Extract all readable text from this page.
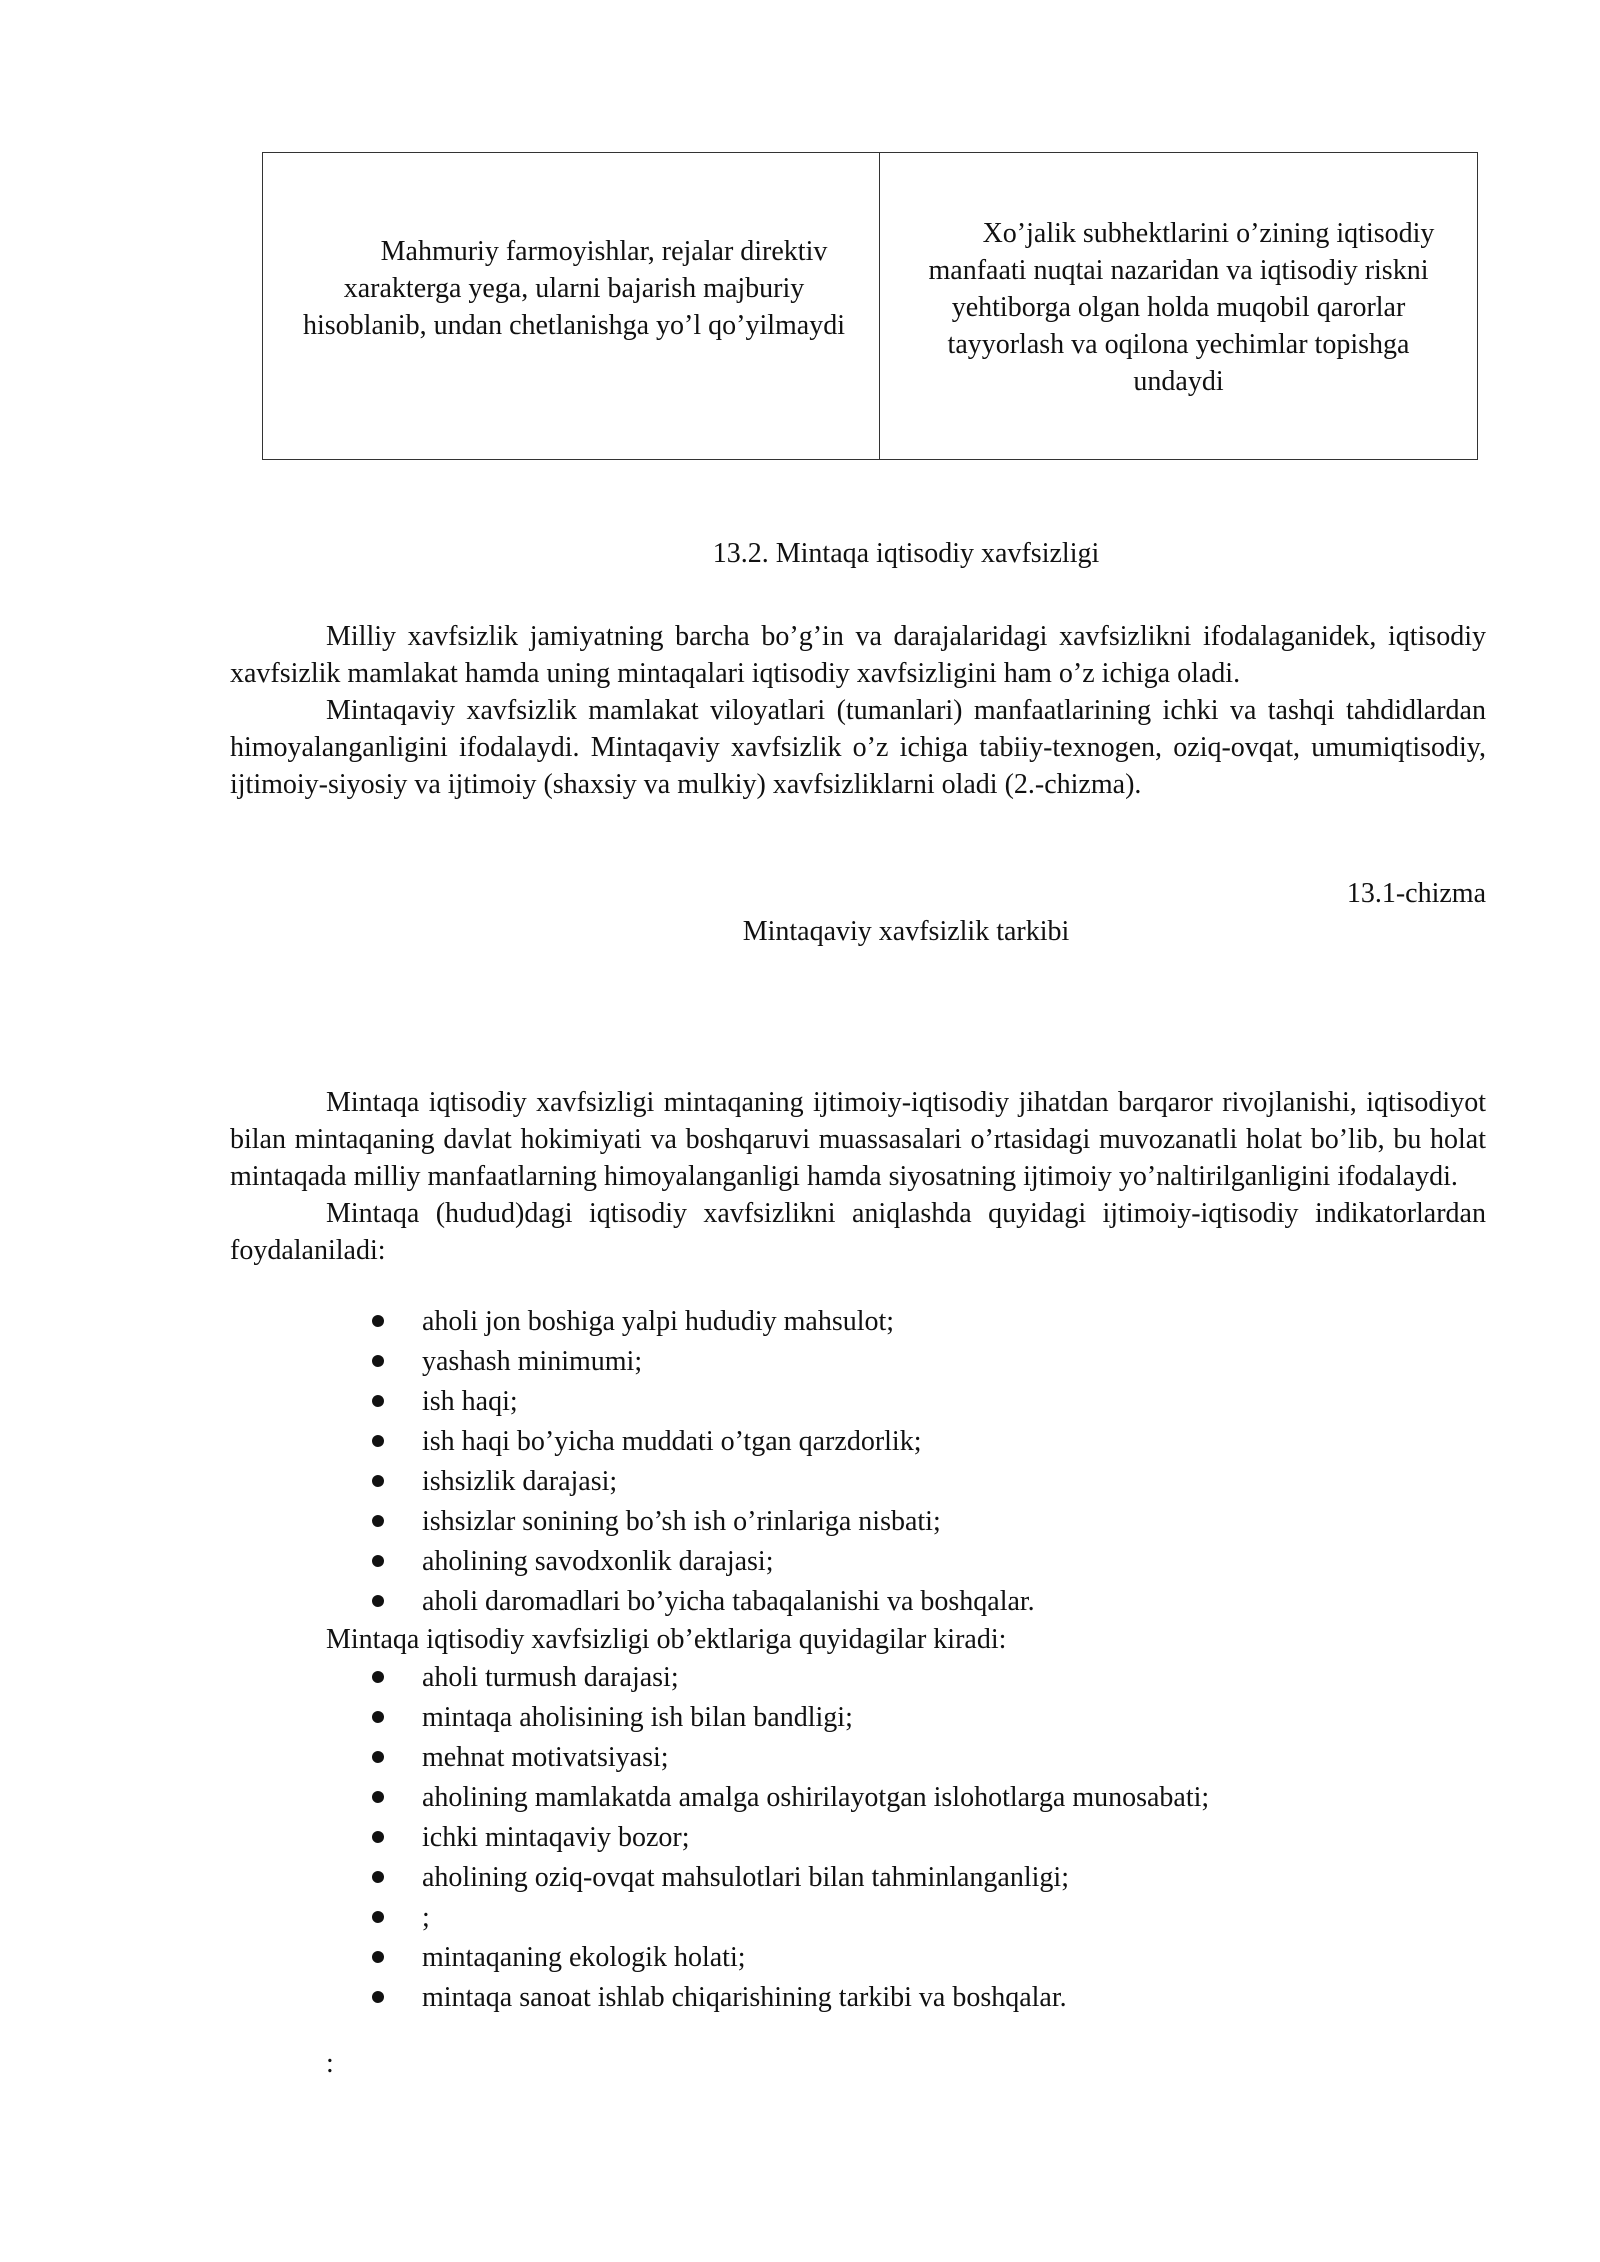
Mahmuriy farmoyishlar, rejalar direktiv xarakterga yega, ularni bajarish majburiy hisoblanib, undan chetlanishga yo’l qo’yilmaydi
Xo’jalik subhektlarini o’zining iqtisodiy manfaati nuqtai nazaridan va iqtisodiy riskni yehtiborga olgan holda muqobil qarorlar tayyorlash va oqilona yechimlar topishga undaydi
13.2. Mintaqa iqtisodiy xavfsizligi

Milliy xavfsizlik jamiyatning barcha bo’g’in va darajalaridagi xavfsizlikni ifodalaganidek, iqtisodiy xavfsizlik mamlakat hamda uning mintaqalari iqtisodiy xavfsizligini ham o’z ichiga oladi.

Mintaqaviy xavfsizlik mamlakat viloyatlari (tumanlari) manfaatlarining ichki va tashqi tahdidlardan himoyalanganligini ifodalaydi. Mintaqaviy xavfsizlik o’z ichiga tabiiy-texnogen, oziq-ovqat, umumiqtisodiy, ijtimoiy-siyosiy va ijtimoiy (shaxsiy va mulkiy) xavfsizliklarni oladi (2.-chizma).

13.1-chizma
Mintaqaviy xavfsizlik tarkibi

Mintaqa iqtisodiy xavfsizligi mintaqaning ijtimoiy-iqtisodiy jihatdan barqaror rivojlanishi, iqtisodiyot bilan mintaqaning davlat hokimiyati va boshqaruvi muassasalari o’rtasidagi muvozanatli holat bo’lib, bu holat mintaqada milliy manfaatlarning himoyalanganligi hamda siyosatning ijtimoiy yo’naltirilganligini ifodalaydi.

Mintaqa (hudud)dagi iqtisodiy xavfsizlikni aniqlashda quyidagi ijtimoiy-iqtisodiy indikatorlardan foydalaniladi:

aholi jon boshiga yalpi hududiy mahsulot;
yashash minimumi;
ish haqi;
ish haqi bo’yicha muddati o’tgan qarzdorlik;
ishsizlik darajasi;
ishsizlar sonining bo’sh ish o’rinlariga nisbati;
aholining savodxonlik darajasi;
aholi daromadlari bo’yicha tabaqalanishi va boshqalar.
Mintaqa iqtisodiy xavfsizligi ob’ektlariga quyidagilar kiradi:
aholi turmush darajasi;
mintaqa aholisining ish bilan bandligi;
mehnat motivatsiyasi;
aholining mamlakatda amalga oshirilayotgan islohotlarga munosabati;
ichki mintaqaviy bozor;
aholining oziq-ovqat mahsulotlari bilan tahminlanganligi;
;
mintaqaning ekologik holati;
mintaqa sanoat ishlab chiqarishining tarkibi va boshqalar.
:
